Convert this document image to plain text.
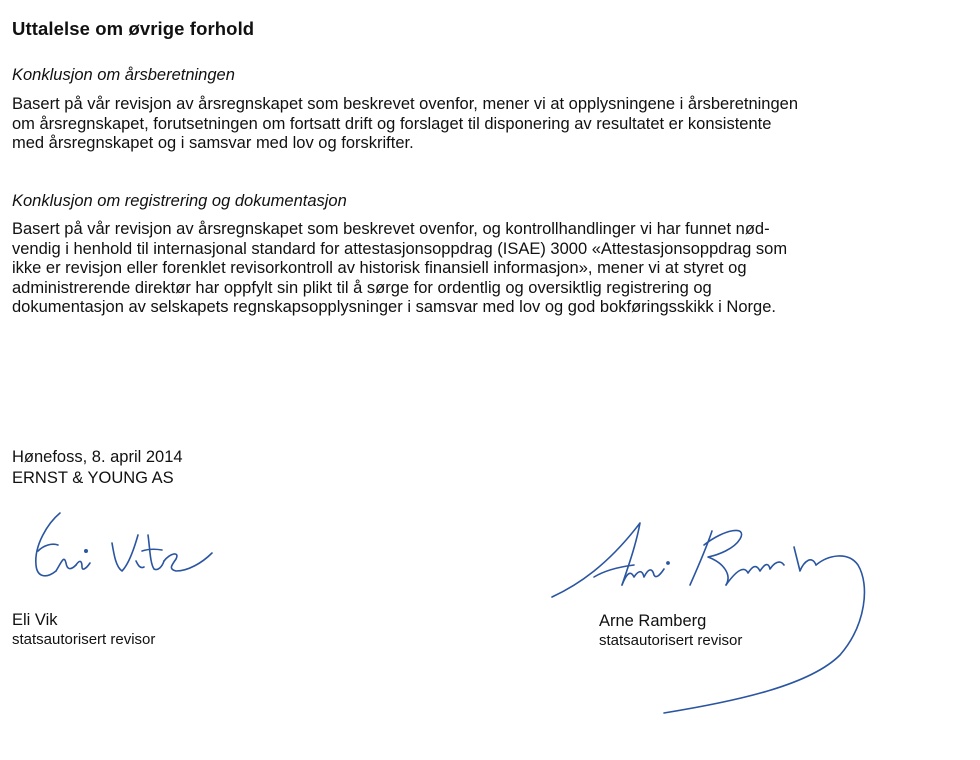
Uttalelse om øvrige forhold
Konklusjon om årsberetningen

Basert på vår revisjon av årsregnskapet som beskrevet ovenfor, mener vi at opplysningene i årsberetningen

om årsregnskapet, forutsetningen om fortsatt drift og forslaget til disponering av resultatet er konsistente

med årsregnskapet og i samsvar med lov og forskrifter.

Konklusjon om registrering og dokumentasjon

Basert på vår revisjon av årsregnskapet som beskrevet ovenfor, og kontrollhandlinger vi har funnet nød-

vendig i henhold til internasjonal standard for attestasjonsoppdrag (ISAE) 3000 «Attestasjonsoppdrag som

ikke er revisjon eller forenklet revisorkontroll av historisk finansiell informasjon», mener vi at styret og

administrerende direktør har oppfylt sin plikt til å sørge for ordentlig og oversiktlig registrering og

dokumentasjon av selskapets regnskapsopplysninger i samsvar med lov og god bokføringsskikk i Norge.

Hønefoss, 8. april 2014
ERNST & YOUNG AS
Eli Vik
statsautorisert revisor
Arne Ramberg
statsautorisert revisor
